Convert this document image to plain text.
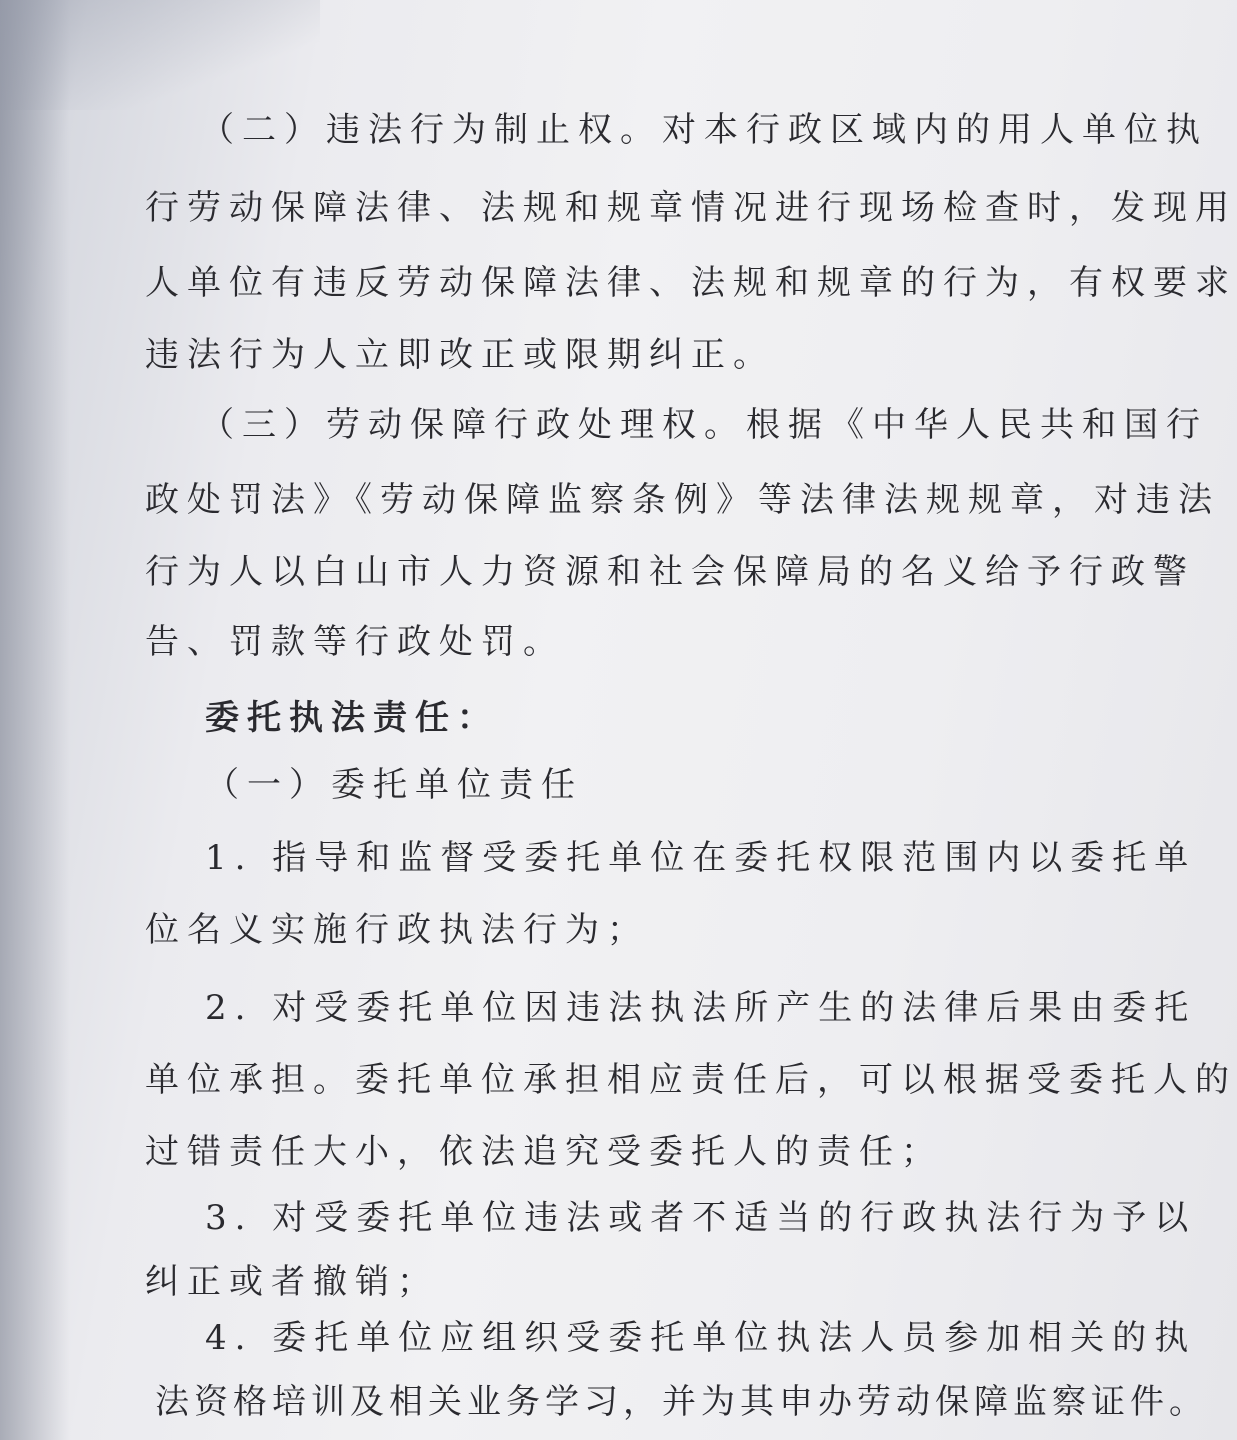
（二）违法行为制止权。对本行政区域内的用人单位执
行劳动保障法律、法规和规章情况进行现场检查时，发现用
人单位有违反劳动保障法律、法规和规章的行为，有权要求
违法行为人立即改正或限期纠正。
（三）劳动保障行政处理权。根据《中华人民共和国行
政处罚法》《劳动保障监察条例》等法律法规规章，对违法
行为人以白山市人力资源和社会保障局的名义给予行政警
告、罚款等行政处罚。
委托执法责任：
（一）委托单位责任
1. 指导和监督受委托单位在委托权限范围内以委托单
位名义实施行政执法行为；
2. 对受委托单位因违法执法所产生的法律后果由委托
单位承担。委托单位承担相应责任后，可以根据受委托人的
过错责任大小，依法追究受委托人的责任；
3. 对受委托单位违法或者不适当的行政执法行为予以
纠正或者撤销；
4. 委托单位应组织受委托单位执法人员参加相关的执
法资格培训及相关业务学习，并为其申办劳动保障监察证件。
